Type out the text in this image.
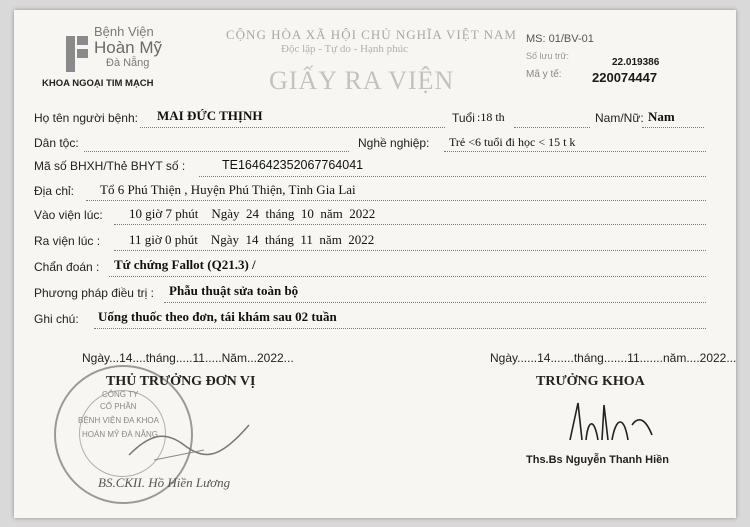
Bệnh Viện
Hoàn Mỹ
Đà Nẵng
KHOA NGOẠI TIM MẠCH
CỘNG HÒA XÃ HỘI CHỦ NGHĨA VIỆT NAM
Độc lập - Tự do - Hạnh phúc
GIẤY RA VIỆN
MS: 01/BV-01
Số lưu trữ:
22.019386
Mã y tế: 220074447
Họ tên người bệnh: MAI ĐỨC THỊNH	Tuổi :18 th	Nam/Nữ: Nam
Dân tộc:	Nghề nghiệp: Trẻ <6 tuổi đi học < 15 t k
Mã số BHXH/Thẻ BHYT số :	TE164642352067764041
Địa chỉ: Tổ 6 Phú Thiện , Huyện Phú Thiện, Tỉnh Gia Lai
Vào viện lúc: 10 giờ 7 phút    Ngày  24  tháng  10  năm  2022
Ra viện lúc : 11 giờ 0 phút    Ngày  14  tháng  11  năm  2022
Chẩn đoán : Tứ chứng Fallot (Q21.3) /
Phương pháp điều trị : Phẫu thuật sửa toàn bộ
Ghi chú: Uống thuốc theo đơn, tái khám sau 02 tuần
Ngày...14....tháng.....11.....Năm...2022...	Ngày......14.......tháng.......11.......năm....2022...
CÔNG TY
CỔ PHẦN
BỆNH VIỆN ĐA KHOA
HOÀN MỸ ĐÀ NẴNG
THỦ TRƯỞNG ĐƠN VỊ
BS.CKII. Hồ Hiền Lương
TRƯỞNG KHOA
Ths.Bs Nguyễn Thanh Hiền
